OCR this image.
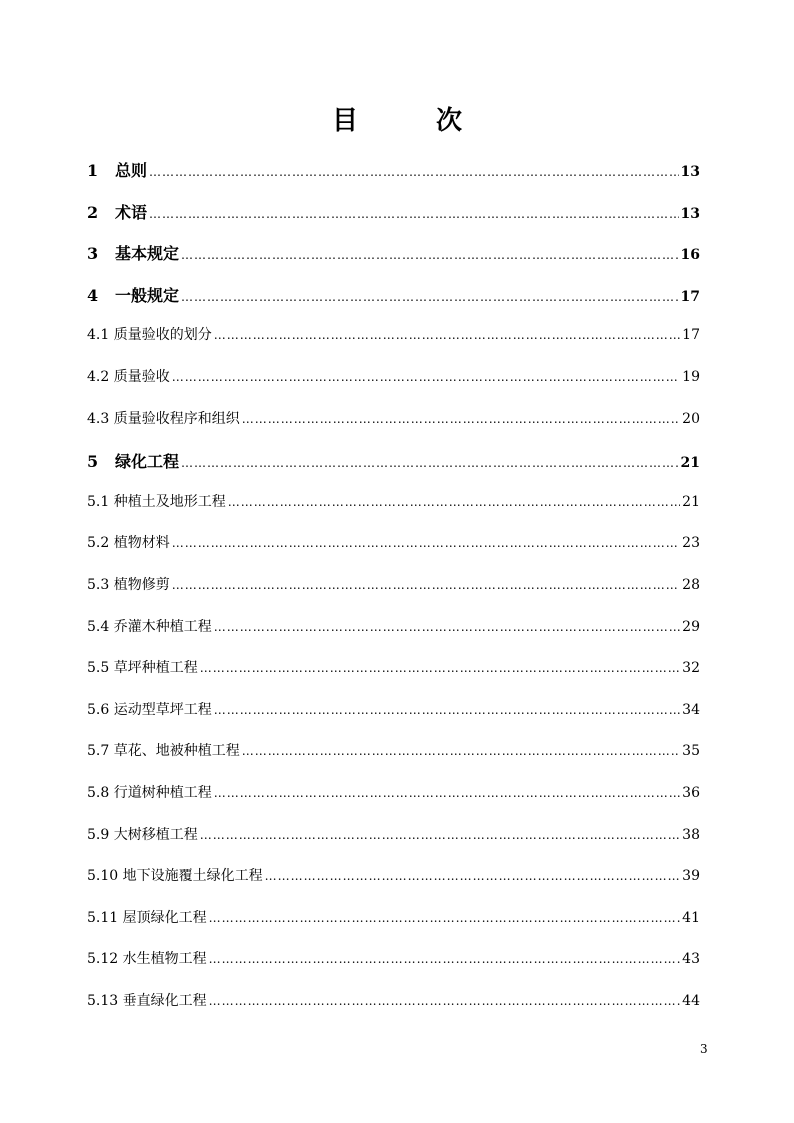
目	次
1 总则 ……………………………………………………………………………………………………………………………………………………………………………	13
2 术语 ……………………………………………………………………………………………………………………………………………………………………………	13
3 基本规定 ……………………………………………………………………………………………………………………………………………………………………………	16
4 一般规定 ……………………………………………………………………………………………………………………………………………………………………………	17
4.1 质量验收的划分 ……………………………………………………………………………………………………………………………………………………………………………	17
4.2 质量验收 ……………………………………………………………………………………………………………………………………………………………………………	19
4.3 质量验收程序和组织 ……………………………………………………………………………………………………………………………………………………………………………	20
5 绿化工程 ……………………………………………………………………………………………………………………………………………………………………………	21
5.1 种植土及地形工程 ……………………………………………………………………………………………………………………………………………………………………………	21
5.2 植物材料 ……………………………………………………………………………………………………………………………………………………………………………	23
5.3 植物修剪 ……………………………………………………………………………………………………………………………………………………………………………	28
5.4 乔灌木种植工程 ……………………………………………………………………………………………………………………………………………………………………………	29
5.5 草坪种植工程 ……………………………………………………………………………………………………………………………………………………………………………	32
5.6 运动型草坪工程 ……………………………………………………………………………………………………………………………………………………………………………	34
5.7 草花、地被种植工程 ……………………………………………………………………………………………………………………………………………………………………………	35
5.8 行道树种植工程 ……………………………………………………………………………………………………………………………………………………………………………	36
5.9 大树移植工程 ……………………………………………………………………………………………………………………………………………………………………………	38
5.10 地下设施覆土绿化工程 ……………………………………………………………………………………………………………………………………………………………………………	39
5.11 屋顶绿化工程 ……………………………………………………………………………………………………………………………………………………………………………	41
5.12 水生植物工程 ……………………………………………………………………………………………………………………………………………………………………………	43
5.13 垂直绿化工程 ……………………………………………………………………………………………………………………………………………………………………………	44
3
